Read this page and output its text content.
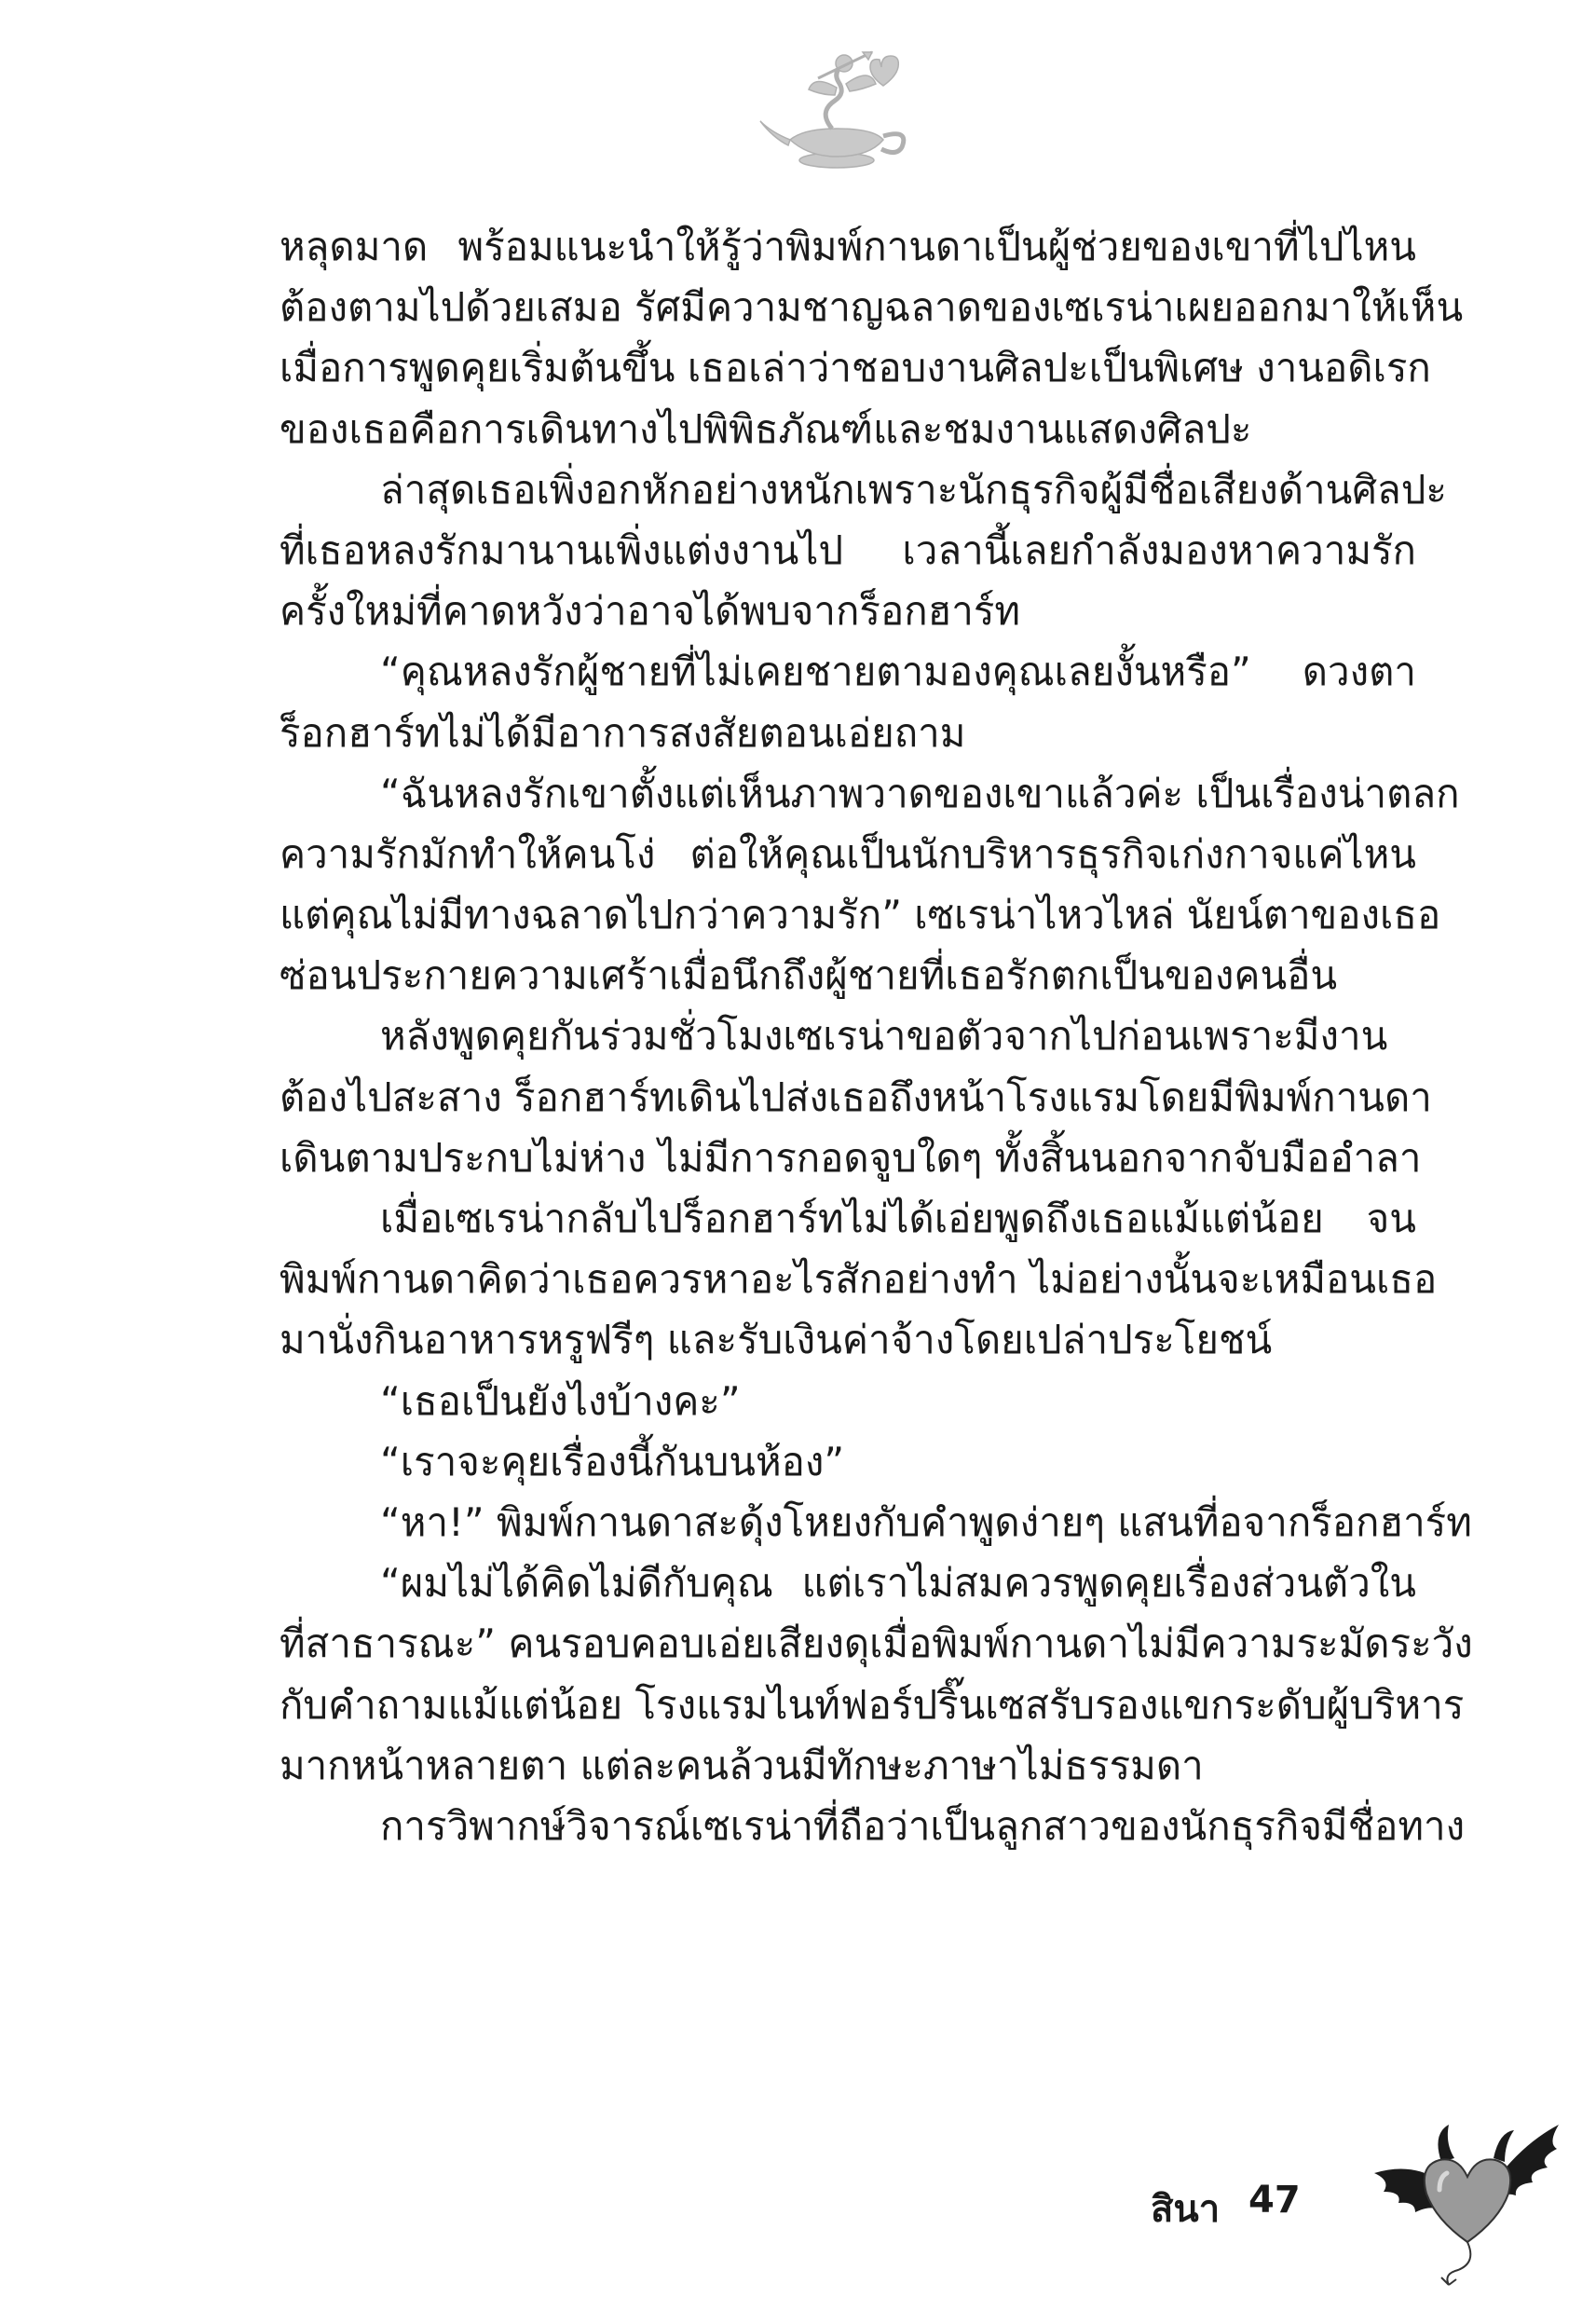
หลุดมาด พร้อมแนะนำให้รู้ว่าพิมพ์กานดาเป็นผู้ช่วยของเขาที่ไปไหน
ต้องตามไปด้วยเสมอ รัศมีความชาญฉลาดของเซเรน่าเผยออกมาให้เห็น
เมื่อการพูดคุยเริ่มต้นขึ้น เธอเล่าว่าชอบงานศิลปะเป็นพิเศษ งานอดิเรก
ของเธอคือการเดินทางไปพิพิธภัณฑ์และชมงานแสดงศิลปะ
ล่าสุดเธอเพิ่งอกหักอย่างหนักเพราะนักธุรกิจผู้มีชื่อเสียงด้านศิลปะ
ที่เธอหลงรักมานานเพิ่งแต่งงานไป เวลานี้เลยกำลังมองหาความรัก
ครั้งใหม่ที่คาดหวังว่าอาจได้พบจากร็อกฮาร์ท
“คุณหลงรักผู้ชายที่ไม่เคยชายตามองคุณเลยงั้นหรือ” ดวงตา
ร็อกฮาร์ทไม่ได้มีอาการสงสัยตอนเอ่ยถาม
“ฉันหลงรักเขาตั้งแต่เห็นภาพวาดของเขาแล้วค่ะ เป็นเรื่องน่าตลก
ความรักมักทำให้คนโง่ ต่อให้คุณเป็นนักบริหารธุรกิจเก่งกาจแค่ไหน
แต่คุณไม่มีทางฉลาดไปกว่าความรัก” เซเรน่าไหวไหล่ นัยน์ตาของเธอ
ซ่อนประกายความเศร้าเมื่อนึกถึงผู้ชายที่เธอรักตกเป็นของคนอื่น
หลังพูดคุยกันร่วมชั่วโมงเซเรน่าขอตัวจากไปก่อนเพราะมีงาน
ต้องไปสะสาง ร็อกฮาร์ทเดินไปส่งเธอถึงหน้าโรงแรมโดยมีพิมพ์กานดา
เดินตามประกบไม่ห่าง ไม่มีการกอดจูบใดๆ ทั้งสิ้นนอกจากจับมืออำลา
เมื่อเซเรน่ากลับไปร็อกฮาร์ทไม่ได้เอ่ยพูดถึงเธอแม้แต่น้อย จน
พิมพ์กานดาคิดว่าเธอควรหาอะไรสักอย่างทำ ไม่อย่างนั้นจะเหมือนเธอ
มานั่งกินอาหารหรูฟรีๆ และรับเงินค่าจ้างโดยเปล่าประโยชน์
“เธอเป็นยังไงบ้างคะ”
“เราจะคุยเรื่องนี้กันบนห้อง”
“หา!” พิมพ์กานดาสะดุ้งโหยงกับคำพูดง่ายๆ แสนที่อจากร็อกฮาร์ท
“ผมไม่ได้คิดไม่ดีกับคุณ แต่เราไม่สมควรพูดคุยเรื่องส่วนตัวใน
ที่สาธารณะ” คนรอบคอบเอ่ยเสียงดุเมื่อพิมพ์กานดาไม่มีความระมัดระวัง
กับคำถามแม้แต่น้อย โรงแรมไนท์ฟอร์ปริ๊นเซสรับรองแขกระดับผู้บริหาร
มากหน้าหลายตา แต่ละคนล้วนมีทักษะภาษาไม่ธรรมดา
การวิพากษ์วิจารณ์เซเรน่าที่ถือว่าเป็นลูกสาวของนักธุรกิจมีชื่อทาง
สินา 47
